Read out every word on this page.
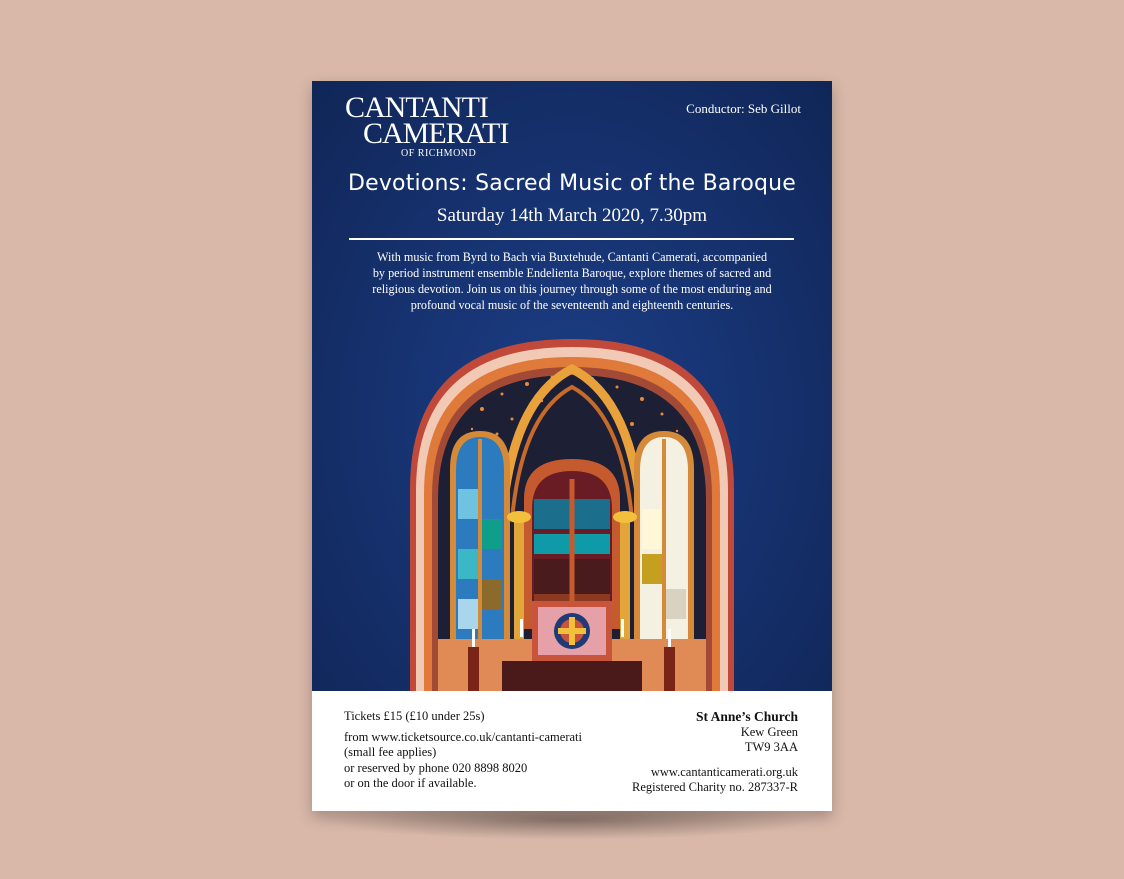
CANTANTI
CAMERATI
OF RICHMOND
Conductor: Seb Gillot
Devotions: Sacred Music of the Baroque
Saturday 14th March 2020, 7.30pm
With music from Byrd to Bach via Buxtehude, Cantanti Camerati, accompanied
by period instrument ensemble Endelienta Baroque, explore themes of sacred and
religious devotion. Join us on this journey through some of the most enduring and
profound vocal music of the seventeenth and eighteenth centuries.
Tickets £15 (£10 under 25s)
from www.ticketsource.co.uk/cantanti-camerati
(small fee applies)
or reserved by phone 020 8898 8020
or on the door if available.
St Anne’s Church
Kew Green
TW9 3AA
www.cantanticamerati.org.uk
Registered Charity no. 287337-R
